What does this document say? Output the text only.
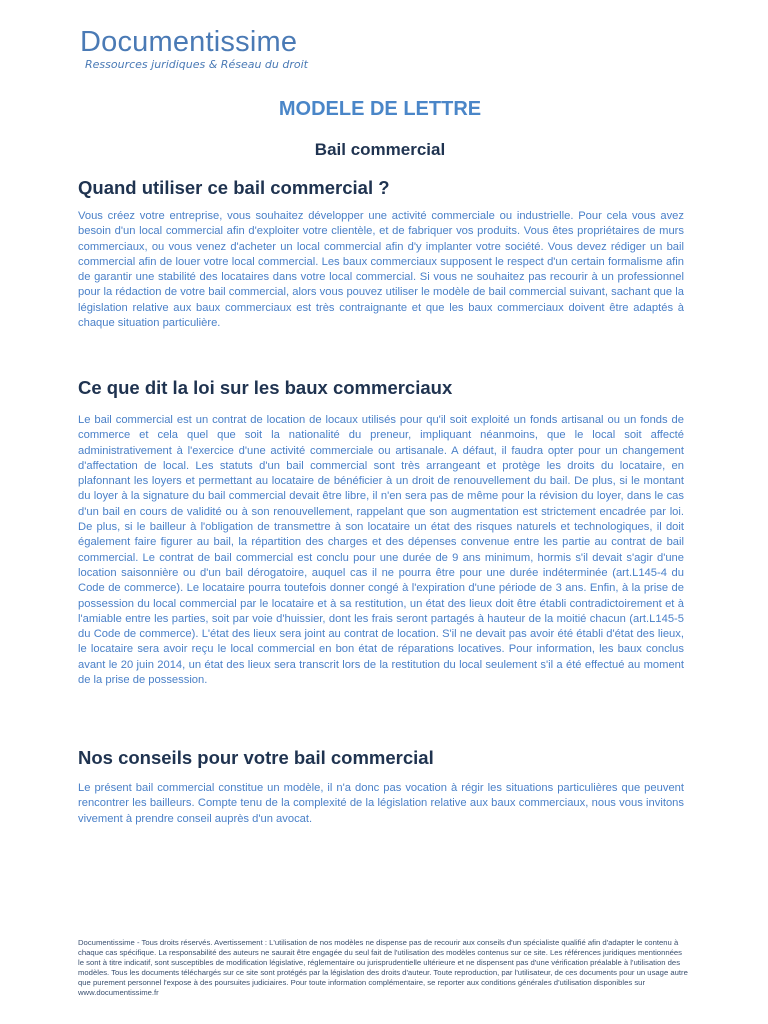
Documentissime
Ressources juridiques & Réseau du droit
MODELE DE LETTRE
Bail commercial
Quand utiliser ce bail commercial ?

Vous créez votre entreprise, vous souhaitez développer une activité commerciale ou industrielle. Pour cela vous avez besoin d'un local commercial afin d'exploiter votre clientèle, et de fabriquer vos produits. Vous êtes propriétaires de murs commerciaux, ou vous venez d'acheter un local commercial afin d'y implanter votre société. Vous devez rédiger un bail commercial afin de louer votre local commercial. Les baux commerciaux supposent le respect d'un certain formalisme afin de garantir une stabilité des locataires dans votre local commercial. Si vous ne souhaitez pas recourir à un professionnel pour la rédaction de votre bail commercial, alors vous pouvez utiliser le modèle de bail commercial suivant, sachant que la législation relative aux baux commerciaux est très contraignante et que les baux commerciaux doivent être adaptés à chaque situation particulière.

Ce que dit la loi sur les baux commerciaux

Le bail commercial est un contrat de location de locaux utilisés pour qu'il soit exploité un fonds artisanal ou un fonds de commerce et cela quel que soit la nationalité du preneur, impliquant néanmoins, que le local soit affecté administrativement à l'exercice d'une activité commerciale ou artisanale. A défaut, il faudra opter pour un changement d'affectation de local. Les statuts d'un bail commercial sont très arrangeant et protège les droits du locataire, en plafonnant les loyers et permettant au locataire de bénéficier à un droit de renouvellement du bail. De plus, si le montant du loyer à la signature du bail commercial devait être libre, il n'en sera pas de même pour la révision du loyer, dans le cas d'un bail en cours de validité ou à son renouvellement, rappelant que son augmentation est strictement encadrée par loi. De plus, si le bailleur à l'obligation de transmettre à son locataire un état des risques naturels et technologiques, il doit également faire figurer au bail, la répartition des charges et des dépenses convenue entre les partie au contrat de bail commercial. Le contrat de bail commercial est conclu pour une durée de 9 ans minimum, hormis s'il devait s'agir d'une location saisonnière ou d'un bail dérogatoire, auquel cas il ne pourra être pour une durée indéterminée (art.L145-4 du Code de commerce). Le locataire pourra toutefois donner congé à l'expiration d'une période de 3 ans. Enfin, à la prise de possession du local commercial par le locataire et à sa restitution, un état des lieux doit être établi contradictoirement et à l'amiable entre les parties, soit par voie d'huissier, dont les frais seront partagés à hauteur de la moitié chacun (art.L145-5 du Code de commerce). L'état des lieux sera joint au contrat de location. S'il ne devait pas avoir été établi d'état des lieux, le locataire sera avoir reçu le local commercial en bon état de réparations locatives. Pour information, les baux conclus avant le 20 juin 2014, un état des lieux sera transcrit lors de la restitution du local seulement s'il a été effectué au moment de la prise de possession.

Nos conseils pour votre bail commercial

Le présent bail commercial constitue un modèle, il n'a donc pas vocation à régir les situations particulières que peuvent rencontrer les bailleurs. Compte tenu de la complexité de la législation relative aux baux commerciaux, nous vous invitons vivement à prendre conseil auprès d'un avocat.

Documentissime - Tous droits réservés. Avertissement : L'utilisation de nos modèles ne dispense pas de recourir aux conseils d'un spécialiste qualifié afin d'adapter le contenu à chaque cas spécifique. La responsabilité des auteurs ne saurait être engagée du seul fait de l'utilisation des modèles contenus sur ce site. Les références juridiques mentionnées le sont à titre indicatif, sont susceptibles de modification législative, réglementaire ou jurisprudentielle ultérieure et ne dispensent pas d'une vérification préalable à l'utilisation des modèles. Tous les documents téléchargés sur ce site sont protégés par la législation des droits d'auteur. Toute reproduction, par l'utilisateur, de ces documents pour un usage autre que purement personnel l'expose à des poursuites judiciaires. Pour toute information complémentaire, se reporter aux conditions générales d'utilisation disponibles sur www.documentissime.fr
